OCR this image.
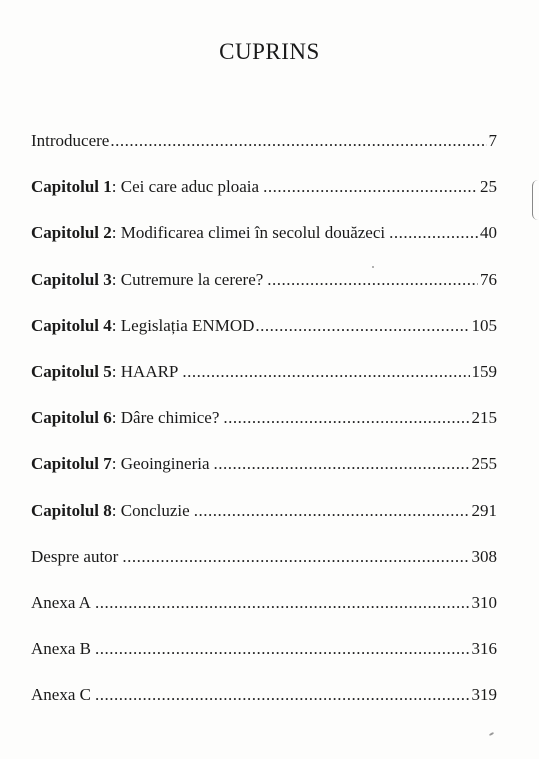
CUPRINS
Introducere .....	7
Capitolul 1 : Cei care aduc ploaia .....	25
Capitolul 2 : Modificarea climei în secolul douăzeci .....	40
Capitolul 3 : Cutremure la cerere? .....	76
Capitolul 4 : Legislația ENMOD .....	105
Capitolul 5 : HAARP .....	159
Capitolul 6 : Dâre chimice? .....	215
Capitolul 7 : Geoingineria .....	255
Capitolul 8 : Concluzie .....	291
Despre autor .....	308
Anexa A .....	310
Anexa B .....	316
Anexa C .....	319
